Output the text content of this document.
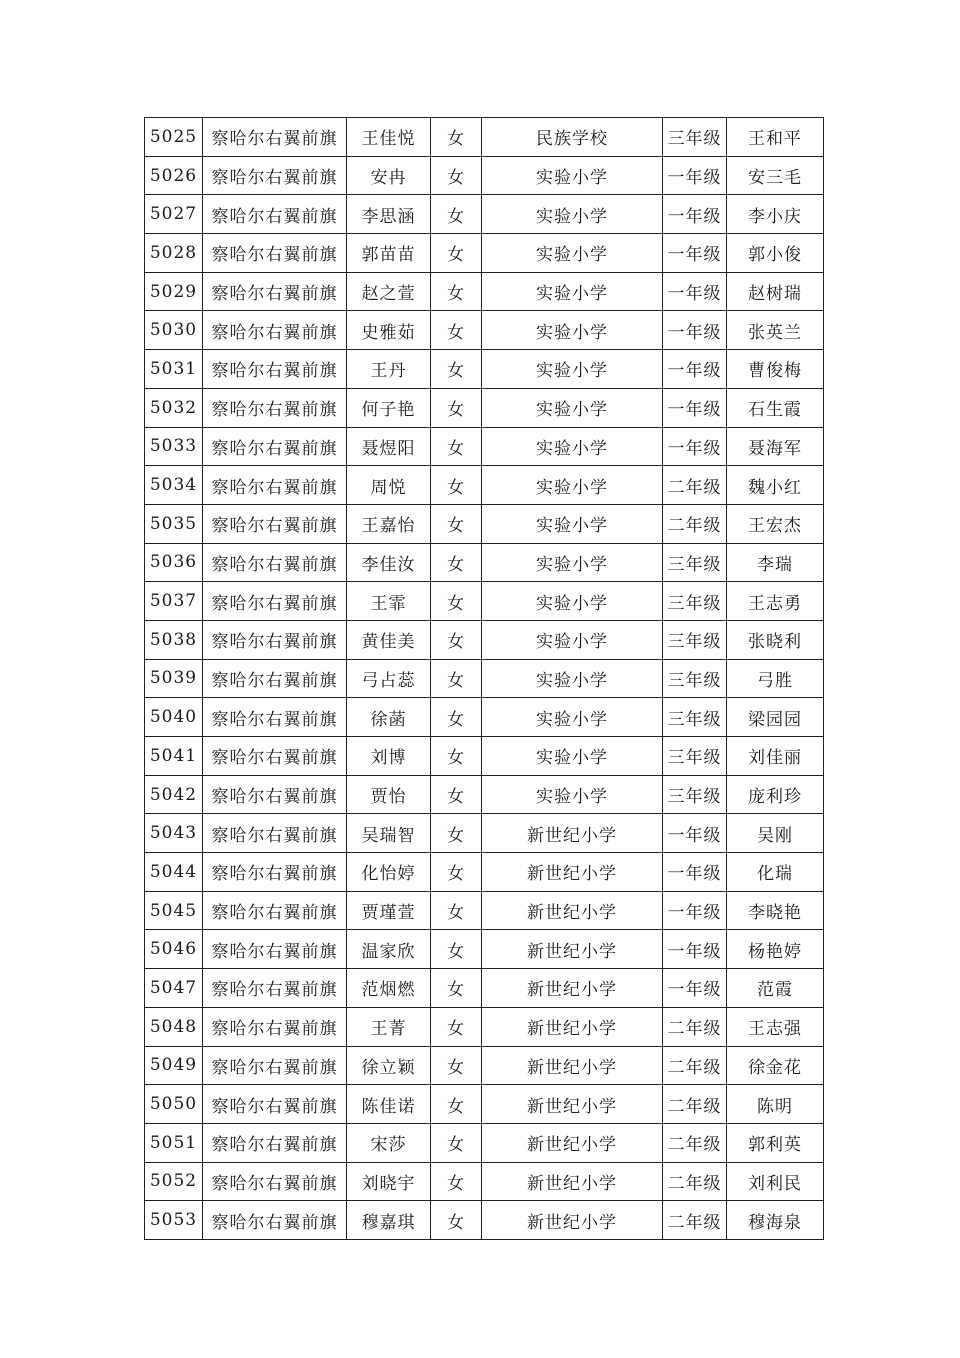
5025	察哈尔右翼前旗	王佳悦	女	民族学校	三年级	王和平
5026	察哈尔右翼前旗	安冉	女	实验小学	一年级	安三毛
5027	察哈尔右翼前旗	李思涵	女	实验小学	一年级	李小庆
5028	察哈尔右翼前旗	郭苗苗	女	实验小学	一年级	郭小俊
5029	察哈尔右翼前旗	赵之萱	女	实验小学	一年级	赵树瑞
5030	察哈尔右翼前旗	史雅茹	女	实验小学	一年级	张英兰
5031	察哈尔右翼前旗	王丹	女	实验小学	一年级	曹俊梅
5032	察哈尔右翼前旗	何子艳	女	实验小学	一年级	石生霞
5033	察哈尔右翼前旗	聂煜阳	女	实验小学	一年级	聂海军
5034	察哈尔右翼前旗	周悦	女	实验小学	二年级	魏小红
5035	察哈尔右翼前旗	王嘉怡	女	实验小学	二年级	王宏杰
5036	察哈尔右翼前旗	李佳汝	女	实验小学	三年级	李瑞
5037	察哈尔右翼前旗	王霏	女	实验小学	三年级	王志勇
5038	察哈尔右翼前旗	黄佳美	女	实验小学	三年级	张晓利
5039	察哈尔右翼前旗	弓占蕊	女	实验小学	三年级	弓胜
5040	察哈尔右翼前旗	徐菡	女	实验小学	三年级	梁园园
5041	察哈尔右翼前旗	刘博	女	实验小学	三年级	刘佳丽
5042	察哈尔右翼前旗	贾怡	女	实验小学	三年级	庞利珍
5043	察哈尔右翼前旗	吴瑞智	女	新世纪小学	一年级	吴刚
5044	察哈尔右翼前旗	化怡婷	女	新世纪小学	一年级	化瑞
5045	察哈尔右翼前旗	贾瑾萱	女	新世纪小学	一年级	李晓艳
5046	察哈尔右翼前旗	温家欣	女	新世纪小学	一年级	杨艳婷
5047	察哈尔右翼前旗	范烟燃	女	新世纪小学	一年级	范霞
5048	察哈尔右翼前旗	王菁	女	新世纪小学	二年级	王志强
5049	察哈尔右翼前旗	徐立颖	女	新世纪小学	二年级	徐金花
5050	察哈尔右翼前旗	陈佳诺	女	新世纪小学	二年级	陈明
5051	察哈尔右翼前旗	宋莎	女	新世纪小学	二年级	郭利英
5052	察哈尔右翼前旗	刘晓宇	女	新世纪小学	二年级	刘利民
5053	察哈尔右翼前旗	穆嘉琪	女	新世纪小学	二年级	穆海泉
